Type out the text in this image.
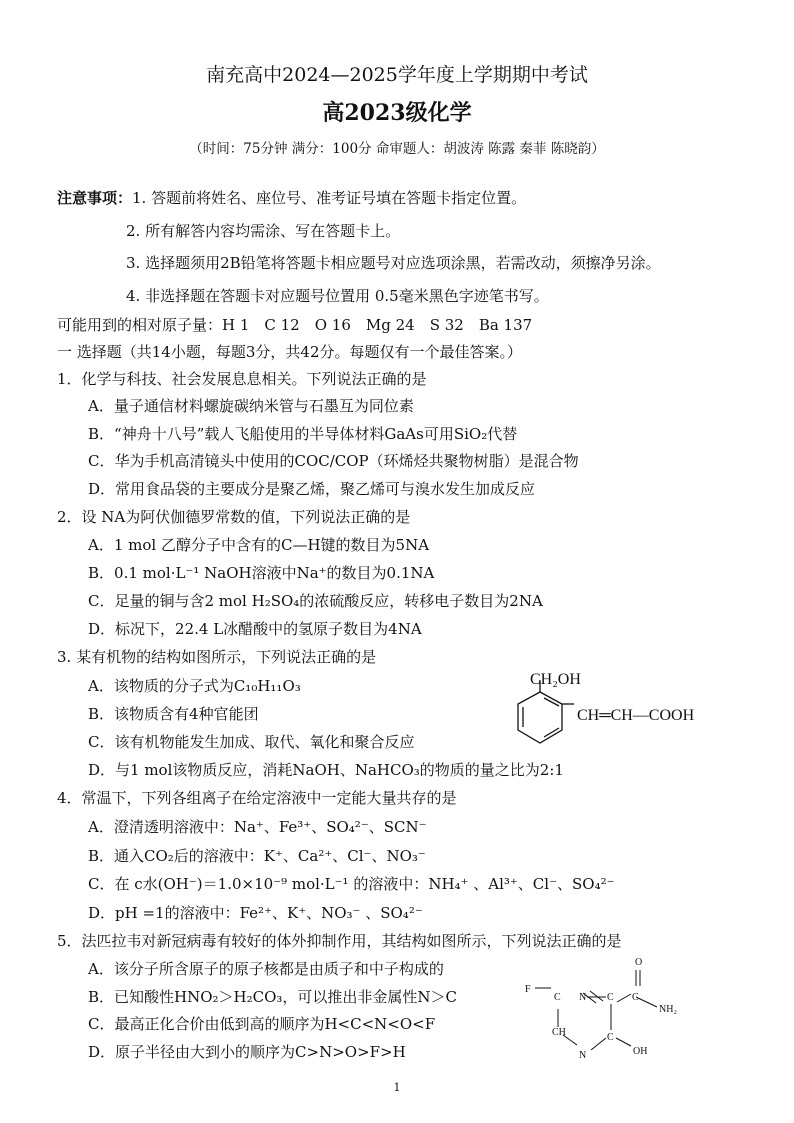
南充高中2024—2025学年度上学期期中考试
高2023级化学
（时间：75分钟 满分：100分 命审题人：胡波涛 陈露 秦菲 陈晓韵）
注意事项：1. 答题前将姓名、座位号、准考证号填在答题卡指定位置。
2. 所有解答内容均需涂、写在答题卡上。
3. 选择题须用2B铅笔将答题卡相应题号对应选项涂黑，若需改动，须擦净另涂。
4. 非选择题在答题卡对应题号位置用 0.5毫米黑色字迹笔书写。
可能用到的相对原子量：H 1　C 12　O 16　Mg 24　S 32　Ba 137
一 选择题（共14小题，每题3分，共42分。每题仅有一个最佳答案。）
1．化学与科技、社会发展息息相关。下列说法正确的是
A．量子通信材料螺旋碳纳米管与石墨互为同位素
B．“神舟十八号”载人飞船使用的半导体材料GaAs可用SiO₂代替
C．华为手机高清镜头中使用的COC/COP（环烯烃共聚物树脂）是混合物
D．常用食品袋的主要成分是聚乙烯，聚乙烯可与溴水发生加成反应
2．设 NA为阿伏伽德罗常数的值，下列说法正确的是
A．1 mol 乙醇分子中含有的C—H键的数目为5NA
B．0.1 mol·L⁻¹ NaOH溶液中Na⁺的数目为0.1NA
C．足量的铜与含2 mol H₂SO₄的浓硫酸反应，转移电子数目为2NA
D．标况下，22.4 L冰醋酸中的氢原子数目为4NA
3. 某有机物的结构如图所示，下列说法正确的是
A．该物质的分子式为C₁₀H₁₁O₃
B．该物质含有4种官能团
C．该有机物能发生加成、取代、氧化和聚合反应
D．与1 mol该物质反应，消耗NaOH、NaHCO₃的物质的量之比为2:1
CH₂OH
CH═CH—COOH
4．常温下，下列各组离子在给定溶液中一定能大量共存的是
A．澄清透明溶液中：Na⁺、Fe³⁺、SO₄²⁻、SCN⁻
B．通入CO₂后的溶液中：K⁺、Ca²⁺、Cl⁻、NO₃⁻
C．在 c水(OH⁻)＝1.0×10⁻⁹ mol·L⁻¹ 的溶液中：NH₄⁺ 、Al³⁺、Cl⁻、SO₄²⁻
D．pH =1的溶液中：Fe²⁺、K⁺、NO₃⁻ 、SO₄²⁻
5．法匹拉韦对新冠病毒有较好的体外抑制作用，其结构如图所示，下列说法正确的是
A．该分子所含原子的原子核都是由质子和中子构成的
B．已知酸性HNO₂＞H₂CO₃，可以推出非金属性N＞C
C．最高正化合价由低到高的顺序为H<C<N<O<F
D．原子半径由大到小的顺序为C>N>O>F>H
O
F
C N C C
NH₂
CH	C
OH
N
1
